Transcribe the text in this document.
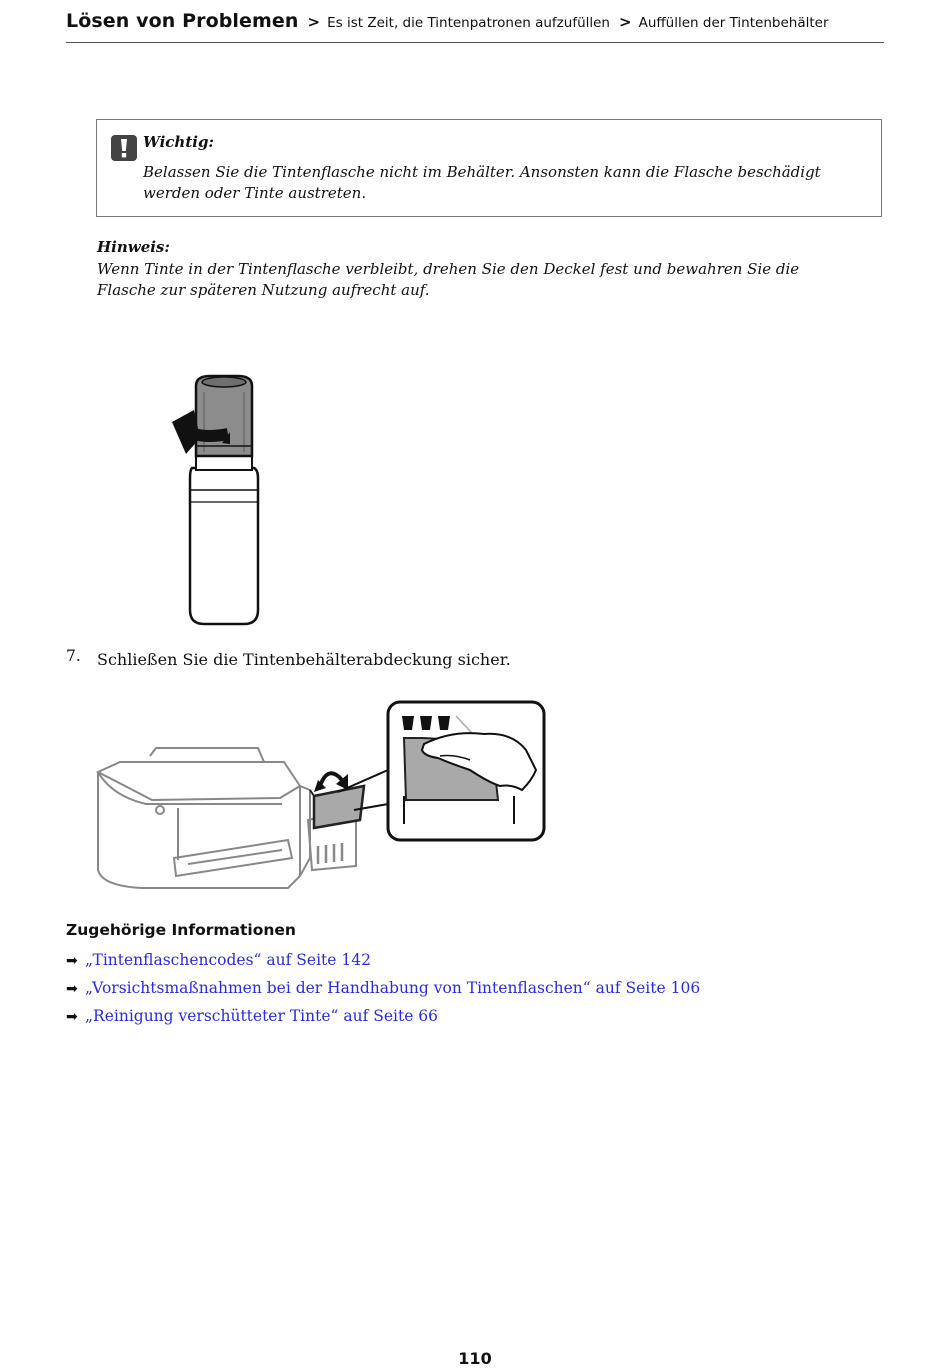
Lösen von Problemen > Es ist Zeit, die Tintenpatronen aufzufüllen > Auffüllen der Tintenbehälter
Wichtig:
Belassen Sie die Tintenflasche nicht im Behälter. Ansonsten kann die Flasche beschädigt werden oder Tinte austreten.
Hinweis:
Wenn Tinte in der Tintenflasche verbleibt, drehen Sie den Deckel fest und bewahren Sie die Flasche zur späteren Nutzung aufrecht auf.
7. Schließen Sie die Tintenbehälterabdeckung sicher.
Zugehörige Informationen
➡ „Tintenflaschencodes“ auf Seite 142
➡ „Vorsichtsmaßnahmen bei der Handhabung von Tintenflaschen“ auf Seite 106
➡ „Reinigung verschütteter Tinte“ auf Seite 66
110
